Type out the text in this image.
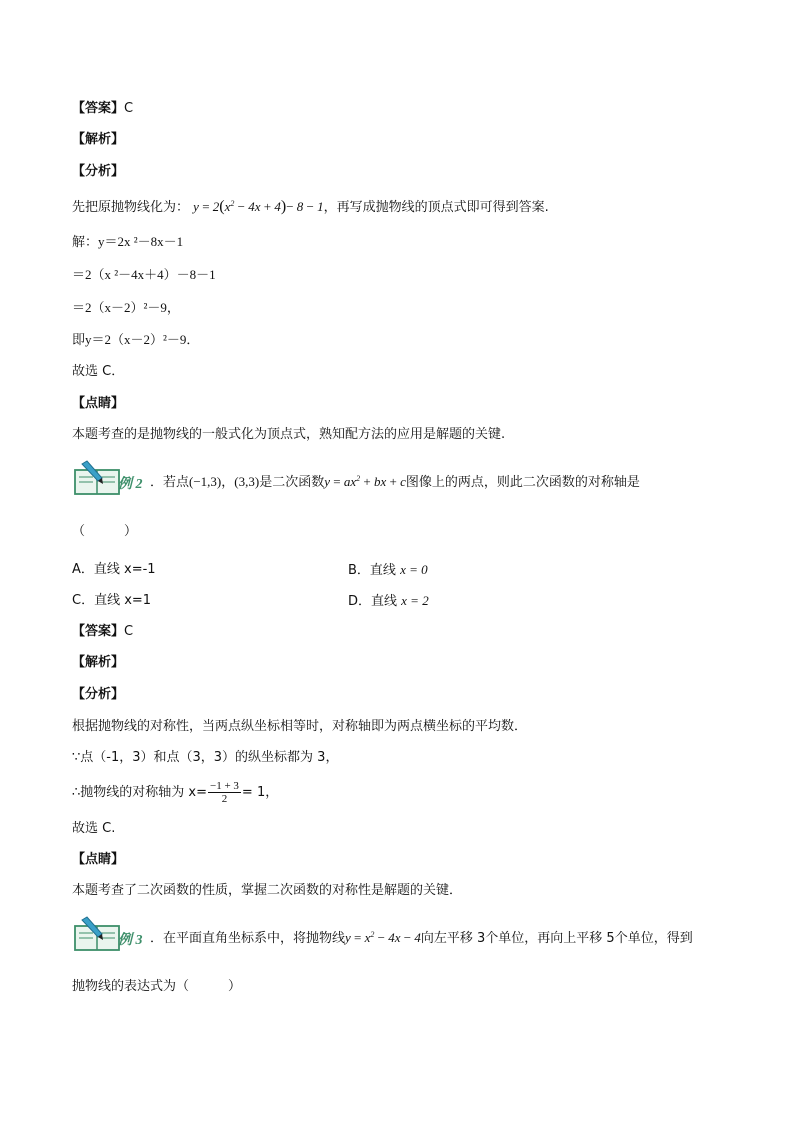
【答案】C
【解析】
【分析】
先把原抛物线化为： $y = 2(x^2 - 4x + 4)- 8 - 1$，再写成抛物线的顶点式即可得到答案.
解：y＝2x ²－8x－1
＝2（x ²－4x＋4）－8－1
＝2（x－2）²－9，
即y＝2（x－2）²－9．
故选 C．
【点睛】
本题考查的是抛物线的一般式化为顶点式，熟知配方法的应用是解题的关键.
例 2 ．若点(−1,3)，(3,3)是二次函数$y = ax^2$ + bx + c图像上的两点，则此二次函数的对称轴是
（　　　）
A．直线 x=-1	B．直线 x = 0
C．直线 x=1	D．直线 x = 2
【答案】C
【解析】
【分析】
根据抛物线的对称性，当两点纵坐标相等时，对称轴即为两点横坐标的平均数．
∵点（-1，3）和点（3，3）的纵坐标都为 3，
∴抛物线的对称轴为 $x= \frac{-1 + 3}{2} = 1$，
故选 C.
【点睛】
本题考查了二次函数的性质，掌握二次函数的对称性是解题的关键．
例 3 ．在平面直角坐标系中，将抛物线$y = x^2 - 4x - 4$向左平移 3个单位，再向上平移 5个单位，得到
抛物线的表达式为（　　　）
